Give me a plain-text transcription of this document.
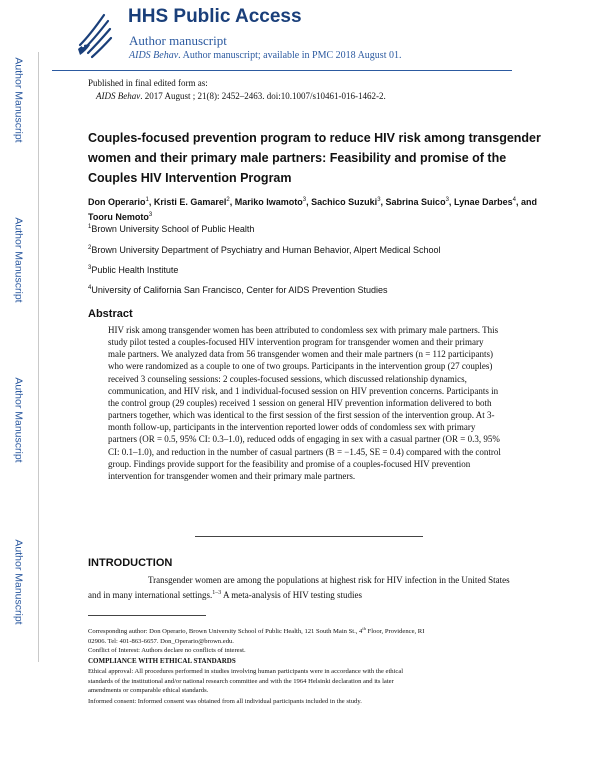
Author Manuscript
Author Manuscript
Author Manuscript
Author Manuscript
HHS Public Access
Author manuscript
AIDS Behav. Author manuscript; available in PMC 2018 August 01.
Published in final edited form as:
AIDS Behav. 2017 August ; 21(8): 2452–2463. doi:10.1007/s10461-016-1462-2.
Couples-focused prevention program to reduce HIV risk among transgender women and their primary male partners: Feasibility and promise of the Couples HIV Intervention Program
Don Operario$^1$, Kristi E. Gamarel$^2$, Mariko Iwamoto$^3$, Sachico Suzuki$^3$, Sabrina Suico$^3$, Lynae Darbes$^4$, and Tooru Nemoto$^3$
$^1$Brown University School of Public Health
$^2$Brown University Department of Psychiatry and Human Behavior, Alpert Medical School
$^3$Public Health Institute
$^4$University of California San Francisco, Center for AIDS Prevention Studies
Abstract
HIV risk among transgender women has been attributed to condomless sex with primary male partners. This study pilot tested a couples-focused HIV intervention program for transgender women and their primary male partners. We analyzed data from 56 transgender women and their male partners (n = 112 participants) who were randomized as a couple to one of two groups. Participants in the intervention group (27 couples) received 3 counseling sessions: 2 couples-focused sessions, which discussed relationship dynamics, communication, and HIV risk, and 1 individual-focused session on HIV prevention concerns. Participants in the control group (29 couples) received 1 session on general HIV prevention information delivered to both partners together, which was identical to the first session of the first session of the intervention group. At 3-month follow-up, participants in the intervention reported lower odds of condomless sex with primary partners (OR = 0.5, 95% CI: 0.3–1.0), reduced odds of engaging in sex with a casual partner (OR = 0.3, 95% CI: 0.1–1.0), and reduction in the number of casual partners (B = −1.45, SE = 0.4) compared with the control group. Findings provide support for the feasibility and promise of a couples-focused HIV prevention intervention for transgender women and their primary male partners.
INTRODUCTION
Transgender women are among the populations at highest risk for HIV infection in the United States and in many international settings.$^{1-3}$ A meta-analysis of HIV testing studies
Corresponding author: Don Operario, Brown University School of Public Health, 121 South Main St., 4th Floor, Providence, RI 02906. Tel: 401-863-6657. Don_Operario@brown.edu.
Conflict of Interest: Authors declare no conflicts of interest.
COMPLIANCE WITH ETHICAL STANDARDS
Ethical approval: All procedures performed in studies involving human participants were in accordance with the ethical standards of the institutional and/or national research committee and with the 1964 Helsinki declaration and its later amendments or comparable ethical standards.
Informed consent: Informed consent was obtained from all individual participants included in the study.
